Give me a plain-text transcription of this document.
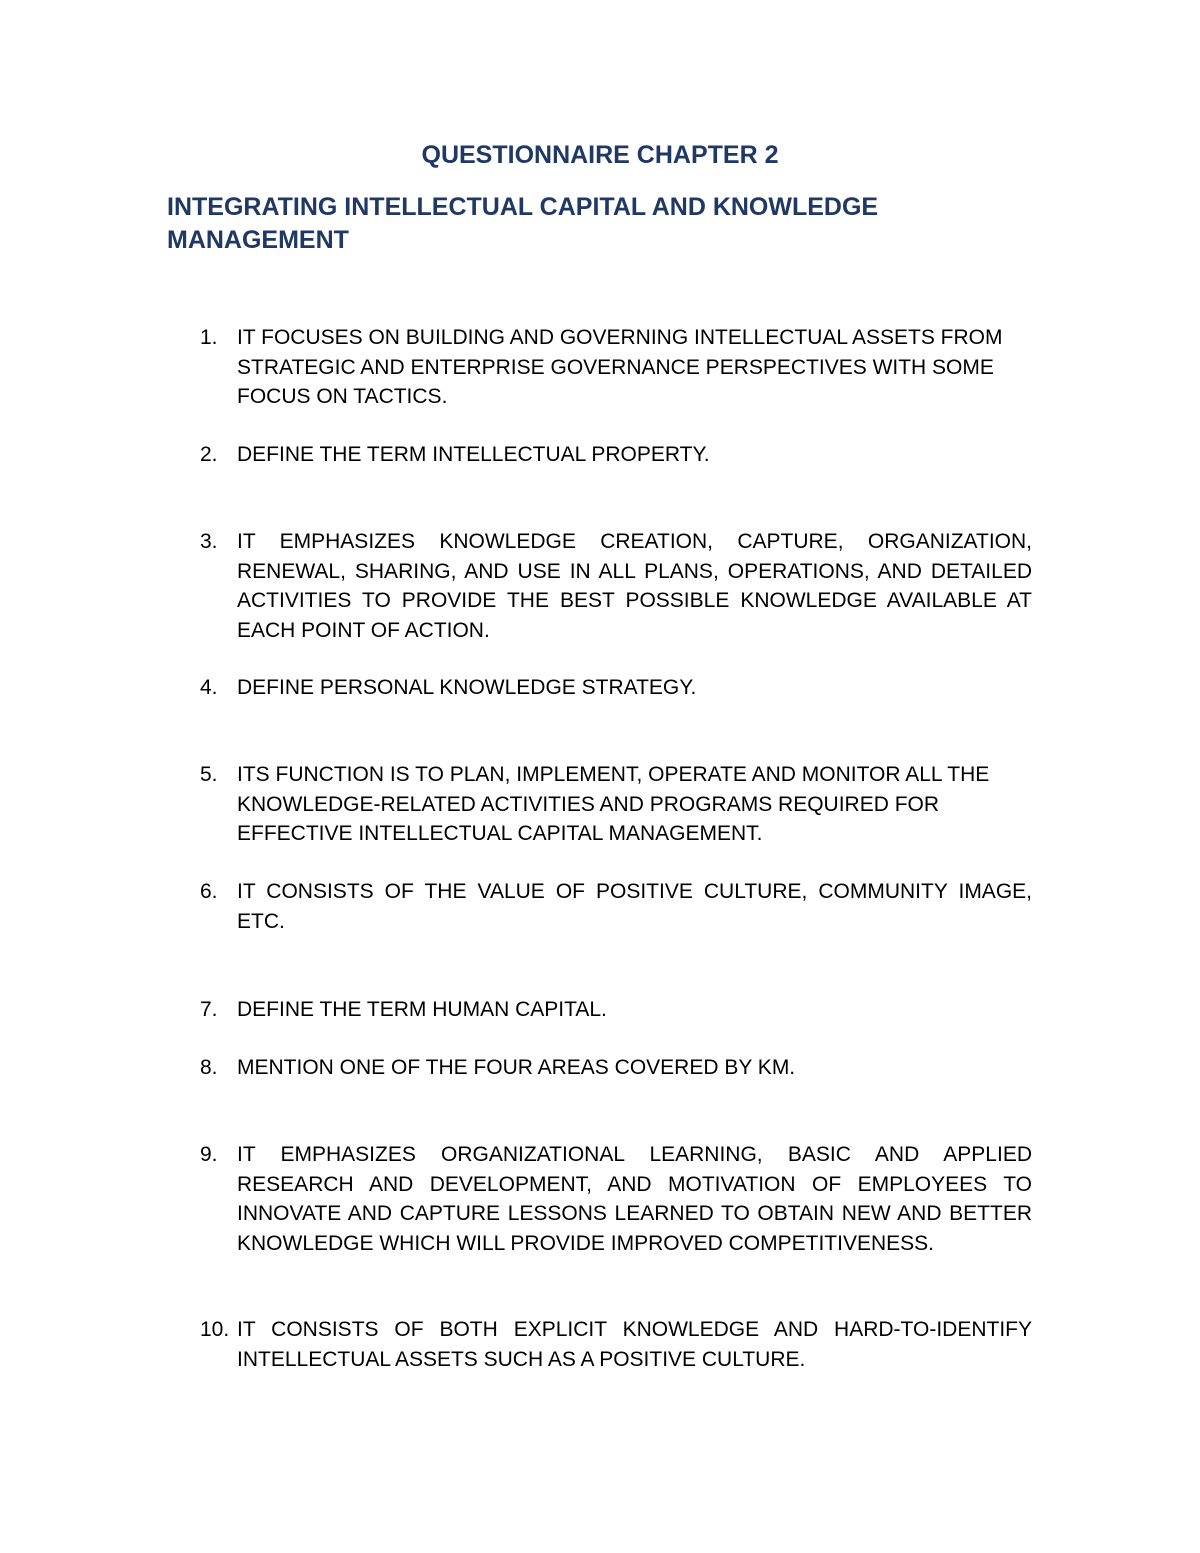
QUESTIONNAIRE CHAPTER 2
INTEGRATING INTELLECTUAL CAPITAL AND KNOWLEDGE MANAGEMENT
1. IT FOCUSES ON BUILDING AND GOVERNING INTELLECTUAL ASSETS FROM STRATEGIC AND ENTERPRISE GOVERNANCE PERSPECTIVES WITH SOME FOCUS ON TACTICS.
2. DEFINE THE TERM INTELLECTUAL PROPERTY.
3. IT EMPHASIZES KNOWLEDGE CREATION, CAPTURE, ORGANIZATION, RENEWAL, SHARING, AND USE IN ALL PLANS, OPERATIONS, AND DETAILED ACTIVITIES TO PROVIDE THE BEST POSSIBLE KNOWLEDGE AVAILABLE AT EACH POINT OF ACTION.
4. DEFINE PERSONAL KNOWLEDGE STRATEGY.
5. ITS FUNCTION IS TO PLAN, IMPLEMENT, OPERATE AND MONITOR ALL THE KNOWLEDGE-RELATED ACTIVITIES AND PROGRAMS REQUIRED FOR EFFECTIVE INTELLECTUAL CAPITAL MANAGEMENT.
6. IT CONSISTS OF THE VALUE OF POSITIVE CULTURE, COMMUNITY IMAGE, ETC.
7. DEFINE THE TERM HUMAN CAPITAL.
8. MENTION ONE OF THE FOUR AREAS COVERED BY KM.
9. IT EMPHASIZES ORGANIZATIONAL LEARNING, BASIC AND APPLIED RESEARCH AND DEVELOPMENT, AND MOTIVATION OF EMPLOYEES TO INNOVATE AND CAPTURE LESSONS LEARNED TO OBTAIN NEW AND BETTER KNOWLEDGE WHICH WILL PROVIDE IMPROVED COMPETITIVENESS.
10. IT CONSISTS OF BOTH EXPLICIT KNOWLEDGE AND HARD-TO-IDENTIFY INTELLECTUAL ASSETS SUCH AS A POSITIVE CULTURE.
